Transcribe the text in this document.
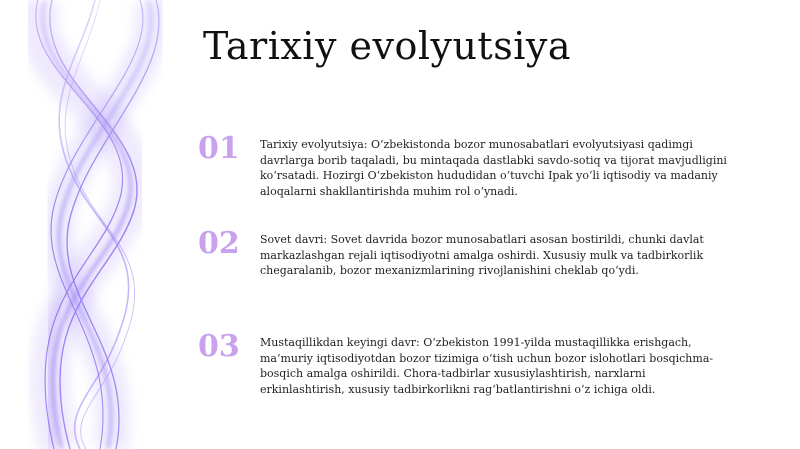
Tarixiy evolyutsiya
01	Tarixiy evolyutsiya: O‘zbekistonda bozor munosabatlari evolyutsiyasi qadimgi davrlarga borib taqaladi, bu mintaqada dastlabki savdo-sotiq va tijorat mavjudligini ko‘rsatadi. Hozirgi O‘zbekiston hududidan o‘tuvchi Ipak yo‘li iqtisodiy va madaniy aloqalarni shakllantirishda muhim rol o‘ynadi.
02	Sovet davri: Sovet davrida bozor munosabatlari asosan bostirildi, chunki davlat markazlashgan rejali iqtisodiyotni amalga oshirdi. Xususiy mulk va tadbirkorlik chegaralanib, bozor mexanizmlarining rivojlanishini cheklab qo‘ydi.
03	Mustaqillikdan keyingi davr: O‘zbekiston 1991-yilda mustaqillikka erishgach, ma’muriy iqtisodiyotdan bozor tizimiga o‘tish uchun bozor islohotlari bosqichma-bosqich amalga oshirildi. Chora-tadbirlar xususiylashtirish, narxlarni erkinlashtirish, xususiy tadbirkorlikni rag‘batlantirishni o‘z ichiga oldi.
